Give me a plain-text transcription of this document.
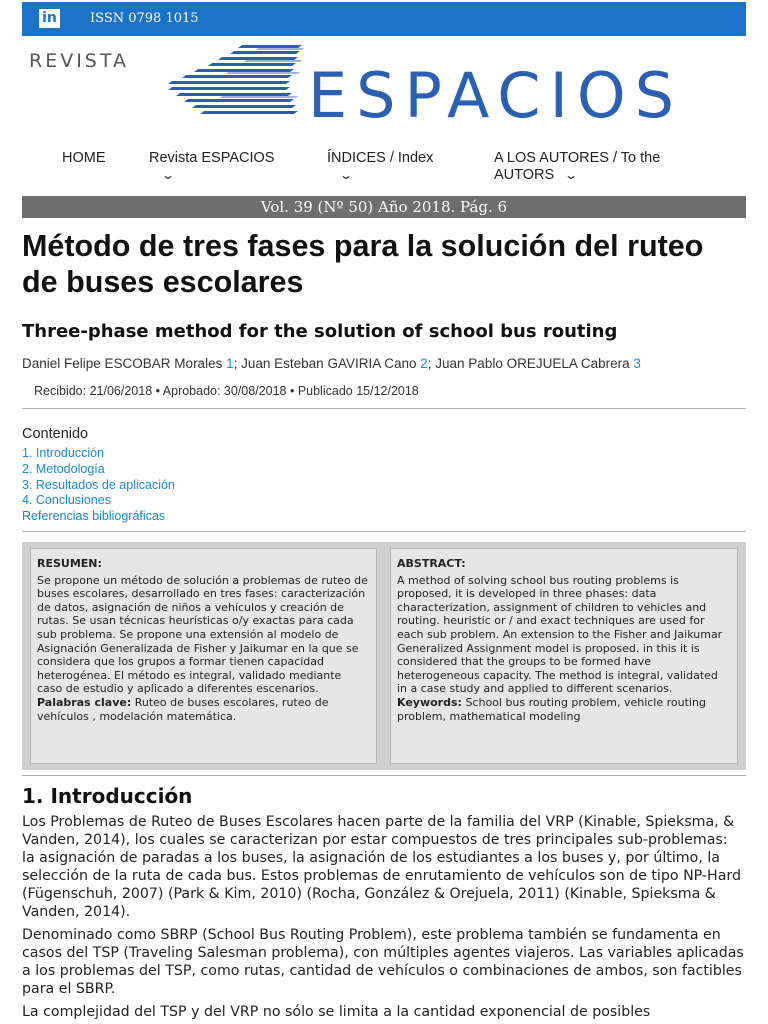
in	ISSN 0798 1015
REVISTA	ESPACIOS
HOME	Revista ESPACIOS
⌄
ÍNDICES / Index
⌄
A LOS AUTORES / To the AUTORS ⌄
Vol. 39 (Nº 50) Año 2018. Pág. 6
Método de tres fases para la solución del ruteo de buses escolares
Three-phase method for the solution of school bus routing
Daniel Felipe ESCOBAR Morales 1; Juan Esteban GAVIRIA Cano 2; Juan Pablo OREJUELA Cabrera 3
Recibido: 21/06/2018 • Aprobado: 30/08/2018 • Publicado 15/12/2018
Contenido
1. Introducción
2. Metodología
3. Resultados de aplicación
4. Conclusiones
Referencias bibliográficas
RESUMEN:
Se propone un método de solución a problemas de ruteo de buses escolares, desarrollado en tres fases: caracterización de datos, asignación de niños a vehículos y creación de rutas. Se usan técnicas heurísticas o/y exactas para cada sub problema. Se propone una extensión al modelo de Asignación Generalizada de Fisher y Jaikumar en la que se considera que los grupos a formar tienen capacidad heterogénea. El método es integral, validado mediante caso de estudio y aplicado a diferentes escenarios.
Palabras clave: Ruteo de buses escolares, ruteo de vehículos , modelación matemática.
ABSTRACT:
A method of solving school bus routing problems is proposed, it is developed in three phases: data characterization, assignment of children to vehicles and routing. heuristic or / and exact techniques are used for each sub problem. An extension to the Fisher and Jaikumar Generalized Assignment model is proposed. in this it is considered that the groups to be formed have heterogeneous capacity. The method is integral, validated in a case study and applied to different scenarios.
Keywords: School bus routing problem, vehicle routing problem, mathematical modeling
1. Introducción

Los Problemas de Ruteo de Buses Escolares hacen parte de la familia del VRP (Kinable, Spieksma, & Vanden, 2014), los cuales se caracterizan por estar compuestos de tres principales sub-problemas: la asignación de paradas a los buses, la asignación de los estudiantes a los buses y, por último, la selección de la ruta de cada bus. Estos problemas de enrutamiento de vehículos son de tipo NP-Hard (Fügenschuh, 2007) (Park & Kim, 2010) (Rocha, González & Orejuela, 2011) (Kinable, Spieksma & Vanden, 2014).

Denominado como SBRP (School Bus Routing Problem), este problema también se fundamenta en casos del TSP (Traveling Salesman problema), con múltiples agentes viajeros. Las variables aplicadas a los problemas del TSP, como rutas, cantidad de vehículos o combinaciones de ambos, son factibles para el SBRP.

La complejidad del TSP y del VRP no sólo se limita a la cantidad exponencial de posibles
